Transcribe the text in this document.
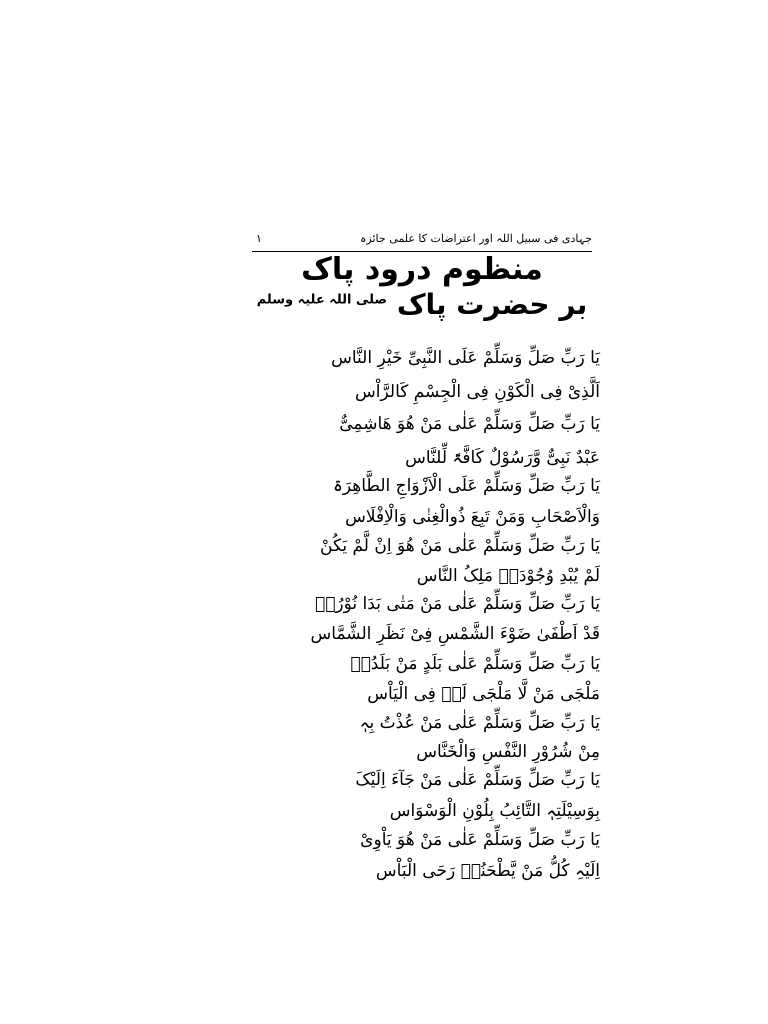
جہادی فی سبیل اللہ اور اعتراضات کا علمی جائزہ
۱
منظوم درود پاک
بر حضرت پاک $^{صلی اللہ علیہ وسلم}$
یَا رَبِّ صَلِّ وَسَلِّمْ عَلَی النَّبِیِّ خَیْرِ النَّاس
اَلَّذِیْ فِی الْکَوْنِ فِی الْجِسْمِ کَالرَّاْس
یَا رَبِّ صَلِّ وَسَلِّمْ عَلٰی مَنْ ھُوَ ھَاشِمِیٌّ
عَبْدٌ نَبِیٌّ وَّرَسُوْلٌ کَافَّۃً لِّلنَّاس
یَا رَبِّ صَلِّ وَسَلِّمْ عَلَی الْاَزْوَاجِ الطَّاھِرَۃ
وَالْاَصْحَابِ وَمَنْ تَبِعَ ذُوالْغِنٰی وَالْاِفْلَاس
یَا رَبِّ صَلِّ وَسَلِّمْ عَلٰی مَنْ ھُوَ اِنْ لَّمْ یَکُنْ
لَمْ یُبْدِ وُجُوْدَہٗ مَلِکُ النَّاس
یَا رَبِّ صَلِّ وَسَلِّمْ عَلٰی مَنْ مَتٰی بَدَا نُوْرُہٗ
قَدْ اَطْفَیٰ ضَوْءَ الشَّمْسِ فِیْ نَظَرِ الشَّمَّاس
یَا رَبِّ صَلِّ وَسَلِّمْ عَلٰی بَلَدٍ مَنْ بَلَدُہٗ
مَلْجَی مَنْ لَّا مَلْجَی لَہٗ فِی الْیَاْس
یَا رَبِّ صَلِّ وَسَلِّمْ عَلٰی مَنْ عُذْتُ بِہٖ
مِنْ شُرُوْرِ النَّفْسِ وَالْخَنَّاس
یَا رَبِّ صَلِّ وَسَلِّمْ عَلٰی مَنْ جَآءَ اِلَیْکَ
بِوَسِیْلَتِہٖ التَّائِبُ بِلُوْنِ الْوَسْوَاس
یَا رَبِّ صَلِّ وَسَلِّمْ عَلٰی مَنْ ھُوَ یَاْوِیْ
اِلَیْہِ کُلُّ مَنْ یَّطْحَنُہٗ رَحَی الْبَاْس
